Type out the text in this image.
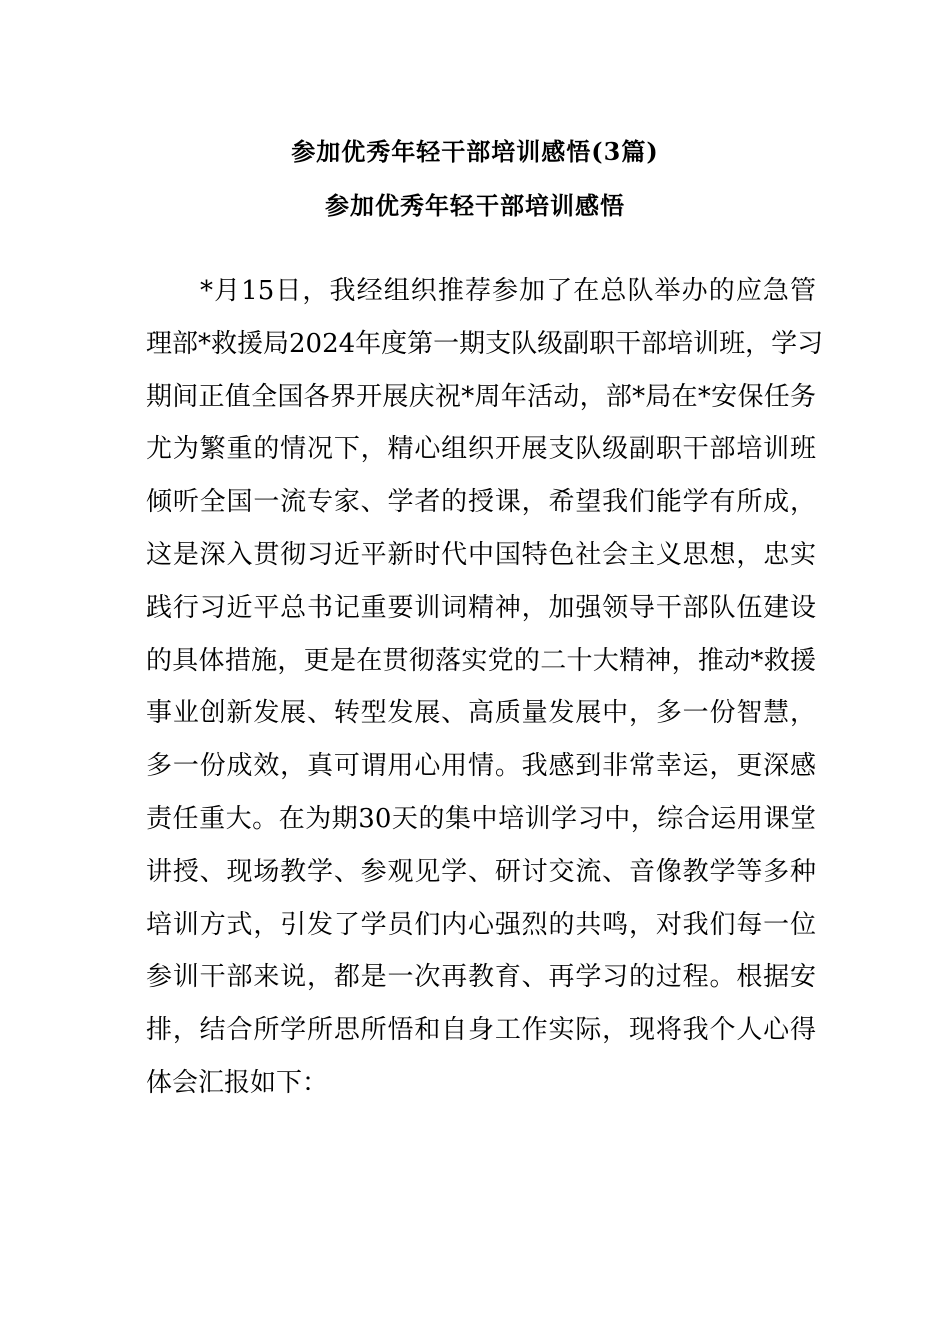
参加优秀年轻干部培训感悟(3篇)
参加优秀年轻干部培训感悟
*月15日，我经组织推荐参加了在总队举办的应急管
理部*救援局2024年度第一期支队级副职干部培训班，学习
期间正值全国各界开展庆祝*周年活动，部*局在*安保任务
尤为繁重的情况下，精心组织开展支队级副职干部培训班
倾听全国一流专家、学者的授课，希望我们能学有所成，
这是深入贯彻习近平新时代中国特色社会主义思想，忠实
践行习近平总书记重要训词精神，加强领导干部队伍建设
的具体措施，更是在贯彻落实党的二十大精神，推动*救援
事业创新发展、转型发展、高质量发展中，多一份智慧，
多一份成效，真可谓用心用情。我感到非常幸运，更深感
责任重大。在为期30天的集中培训学习中，综合运用课堂
讲授、现场教学、参观见学、研讨交流、音像教学等多种
培训方式，引发了学员们内心强烈的共鸣，对我们每一位
参训干部来说，都是一次再教育、再学习的过程。根据安
排，结合所学所思所悟和自身工作实际，现将我个人心得
体会汇报如下：
